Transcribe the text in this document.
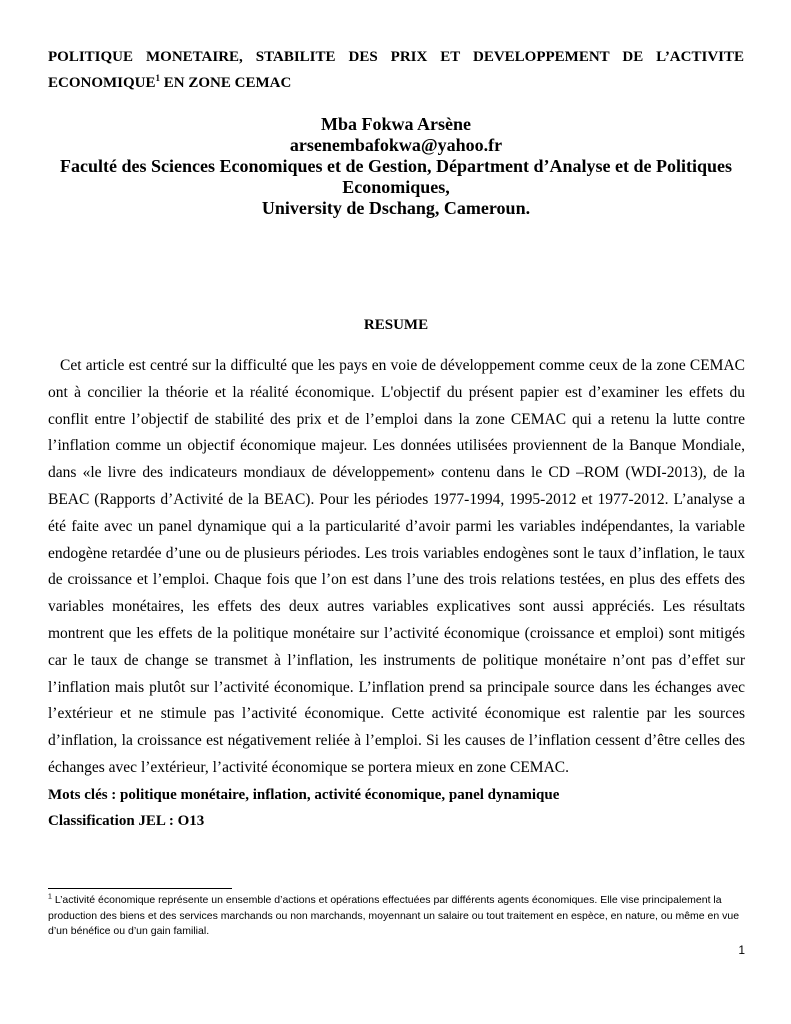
POLITIQUE MONETAIRE, STABILITE DES PRIX ET DEVELOPPEMENT DE L’ACTIVITE ECONOMIQUE$^1$ EN ZONE CEMAC
Mba Fokwa Arsène
arsenembafokwa@yahoo.fr
Faculté des Sciences Economiques et de Gestion, Départment d’Analyse et de Politiques Economiques,
University de Dschang, Cameroun.
RESUME

Cet article est centré sur la difficulté que les pays en voie de développement comme ceux de la zone CEMAC ont à concilier la théorie et la réalité économique. L'objectif du présent papier est d’examiner les effets du conflit entre l’objectif de stabilité des prix et de l’emploi dans la zone CEMAC qui a retenu la lutte contre l’inflation comme un objectif économique majeur. Les données utilisées proviennent de la Banque Mondiale, dans «le livre des indicateurs mondiaux de développement» contenu dans le CD –ROM (WDI-2013), de la BEAC (Rapports d’Activité de la BEAC). Pour les périodes 1977-1994, 1995-2012 et 1977-2012. L’analyse a été faite avec un panel dynamique qui a la particularité d’avoir parmi les variables indépendantes, la variable endogène retardée d’une ou de plusieurs périodes. Les trois variables endogènes sont le taux d’inflation, le taux de croissance et l’emploi. Chaque fois que l’on est dans l’une des trois relations testées, en plus des effets des variables monétaires, les effets des deux autres variables explicatives sont aussi appréciés. Les résultats montrent que les effets de la politique monétaire sur l’activité économique (croissance et emploi) sont mitigés car le taux de change se transmet à l’inflation, les instruments de politique monétaire n’ont pas d’effet sur l’inflation mais plutôt sur l’activité économique. L’inflation prend sa principale source dans les échanges avec l’extérieur et ne stimule pas l’activité économique. Cette activité économique est ralentie par les sources d’inflation, la croissance est négativement reliée à l’emploi. Si les causes de l’inflation cessent d’être celles des échanges avec l’extérieur, l’activité économique se portera mieux en zone CEMAC.

Mots clés : politique monétaire, inflation, activité économique, panel dynamique
Classification JEL : O13

$^1$ L’activité économique représente un ensemble d’actions et opérations effectuées par différents agents économiques. Elle vise principalement la production des biens et des services marchands ou non marchands, moyennant un salaire ou tout traitement en espèce, en nature, ou même en vue d’un bénéfice ou d’un gain familial.

1
